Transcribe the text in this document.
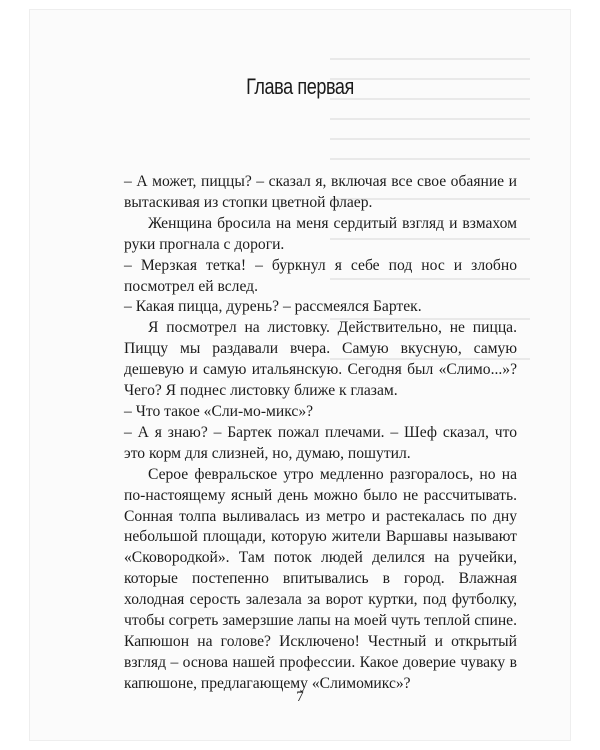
Глава первая

– А может, пиццы? – сказал я, включая все свое обаяние и вытаскивая из стопки цветной флаер.

Женщина бросила на меня сердитый взгляд и взмахом руки прогнала с дороги.

– Мерзкая тетка! – буркнул я себе под нос и злобно посмотрел ей вслед.

– Какая пицца, дурень? – рассмеялся Бартек.

Я посмотрел на листовку. Действительно, не пицца. Пиццу мы раздавали вчера. Самую вкусную, самую дешевую и самую итальянскую. Сегодня был «Слимо...»? Чего? Я поднес листовку ближе к глазам.

– Что такое «Сли-мо-микс»?

– А я знаю? – Бартек пожал плечами. – Шеф сказал, что это корм для слизней, но, думаю, пошутил.

Серое февральское утро медленно разгоралось, но на по-настоящему ясный день можно было не рассчитывать. Сонная толпа выливалась из метро и растекалась по дну небольшой площади, которую жители Варшавы называют «Сковородкой». Там поток людей делился на ручейки, которые постепенно впитывались в город. Влажная холодная серость залезала за ворот куртки, под футболку, чтобы согреть замерзшие лапы на моей чуть теплой спине. Капюшон на голове? Исключено! Честный и открытый взгляд – основа нашей профессии. Какое доверие чуваку в капюшоне, предлагающему «Слимомикс»?

7
